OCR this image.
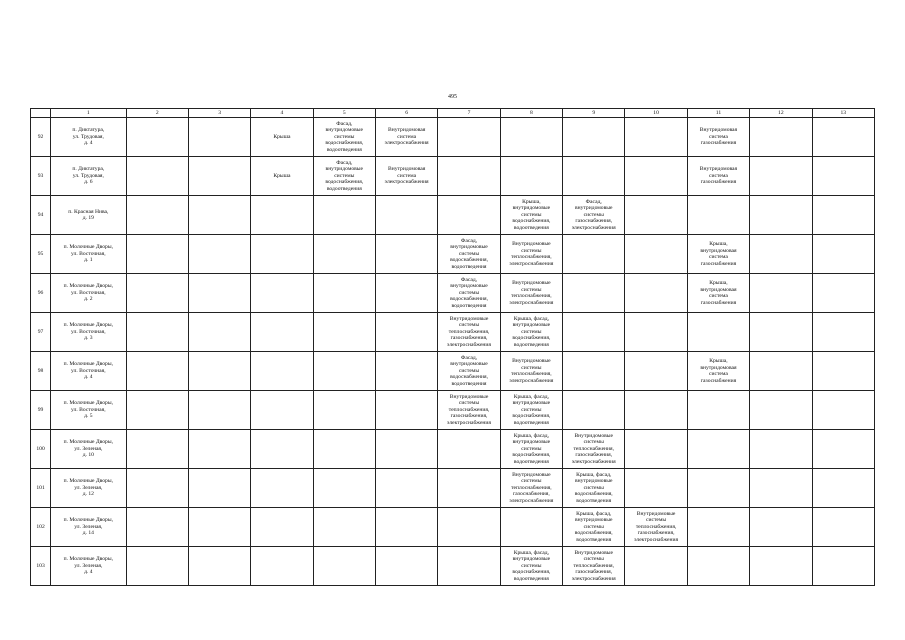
495
	1	2	3	4	5	6	7	8	9	10	11	12	13
92	п. Диктатура,
ул. Трудовая,
д. 4			Крыша	Фасад,
внутридомовые
системы
водоснабжения,
водоотведения	Внутридомовая
система
электроснабжения					Внутридомовая
система
газоснабжения		
93	п. Диктатура,
ул. Трудовая,
д. 6			Крыша	Фасад,
внутридомовые
системы
водоснабжения,
водоотведения	Внутридомовая
система
электроснабжения					Внутридомовая
система
газоснабжения		
94	п. Красная Нива,
д. 19							Крыша,
внутридомовые
системы
водоснабжения,
водоотведения	Фасад,
внутридомовые
системы
газоснабжения,
электроснабжения				
95	п. Молочные Дворы,
ул. Восточная,
д. 1						Фасад,
внутридомовые
системы
водоснабжения,
водоотведения	Внутридомовые
системы
теплоснабжения,
электроснабжения			Крыша,
внутридомовая
система
газоснабжения		
96	п. Молочные Дворы,
ул. Восточная,
д. 2						Фасад,
внутридомовые
системы
водоснабжения,
водоотведения	Внутридомовые
системы
теплоснабжения,
электроснабжения			Крыша,
внутридомовая
система
газоснабжения		
97	п. Молочные Дворы,
ул. Восточная,
д. 3						Внутридомовые
системы
теплоснабжения,
газоснабжения,
электроснабжения	Крыша, фасад,
внутридомовые
системы
водоснабжения,
водоотведения					
98	п. Молочные Дворы,
ул. Восточная,
д. 4						Фасад,
внутридомовые
системы
водоснабжения,
водоотведения	Внутридомовые
системы
теплоснабжения,
электроснабжения			Крыша,
внутридомовая
система
газоснабжения		
99	п. Молочные Дворы,
ул. Восточная,
д. 5						Внутридомовые
системы
теплоснабжения,
газоснабжения,
электроснабжения	Крыша, фасад,
внутридомовые
системы
водоснабжения,
водоотведения					
100	п. Молочные Дворы,
ул. Зеленая,
д. 10							Крыша, фасад,
внутридомовые
системы
водоснабжения,
водоотведения	Внутридомовые
системы
теплоснабжения,
газоснабжения,
электроснабжения				
101	п. Молочные Дворы,
ул. Зеленая,
д. 12							Внутридомовые
системы
теплоснабжения,
газоснабжения,
электроснабжения	Крыша, фасад,
внутридомовые
системы
водоснабжения,
водоотведения				
102	п. Молочные Дворы,
ул. Зеленая,
д. 14								Крыша, фасад,
внутридомовые
системы
водоснабжения,
водоотведения	Внутридомовые
системы
теплоснабжения,
газоснабжения,
электроснабжения			
103	п. Молочные Дворы,
ул. Зеленая,
д. 4							Крыша, фасад,
внутридомовые
системы
водоснабжения,
водоотведения	Внутридомовые
системы
теплоснабжения,
газоснабжения,
электроснабжения				
